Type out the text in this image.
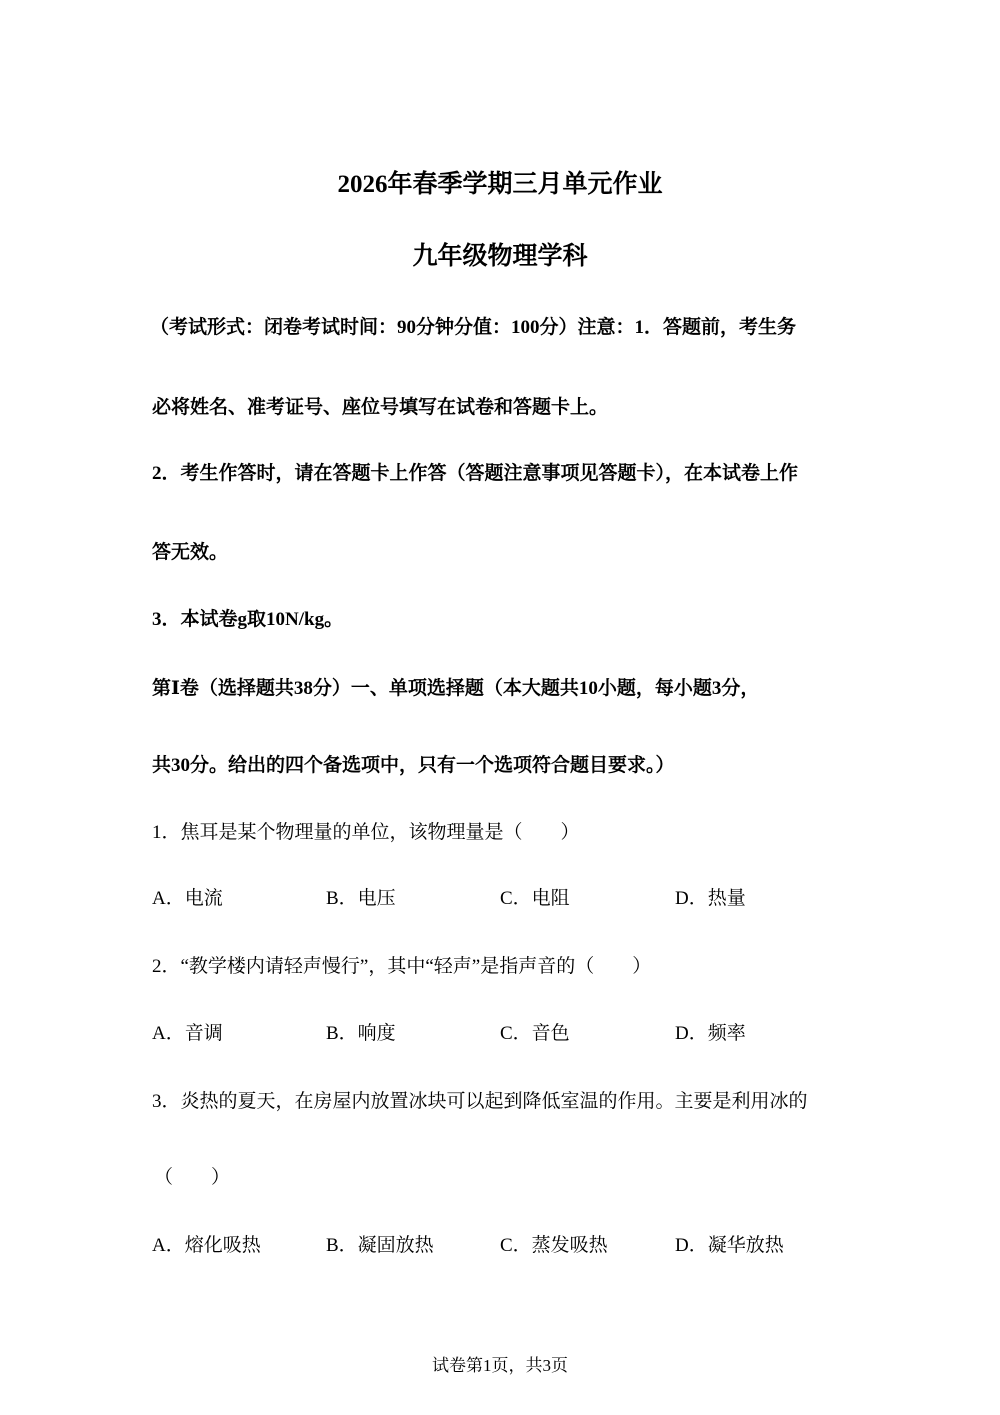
2026年春季学期三月单元作业
九年级物理学科
（考试形式：闭卷考试时间：90分钟分值：100分）注意：1．答题前，考生务
必将姓名、准考证号、座位号填写在试卷和答题卡上。
2．考生作答时，请在答题卡上作答（答题注意事项见答题卡），在本试卷上作
答无效。
3．本试卷g取10N/kg。
第Ⅰ卷（选择题共38分）一、单项选择题（本大题共10小题，每小题3分，
共30分。给出的四个备选项中，只有一个选项符合题目要求。）
1．焦耳是某个物理量的单位，该物理量是（　　）
A．电流	B．电压	C．电阻	D．热量
2．“教学楼内请轻声慢行”，其中“轻声”是指声音的（　　）
A．音调	B．响度	C．音色	D．频率
3．炎热的夏天，在房屋内放置冰块可以起到降低室温的作用。主要是利用冰的
（　　）
A．熔化吸热	B．凝固放热	C．蒸发吸热	D．凝华放热
试卷第1页，共3页
